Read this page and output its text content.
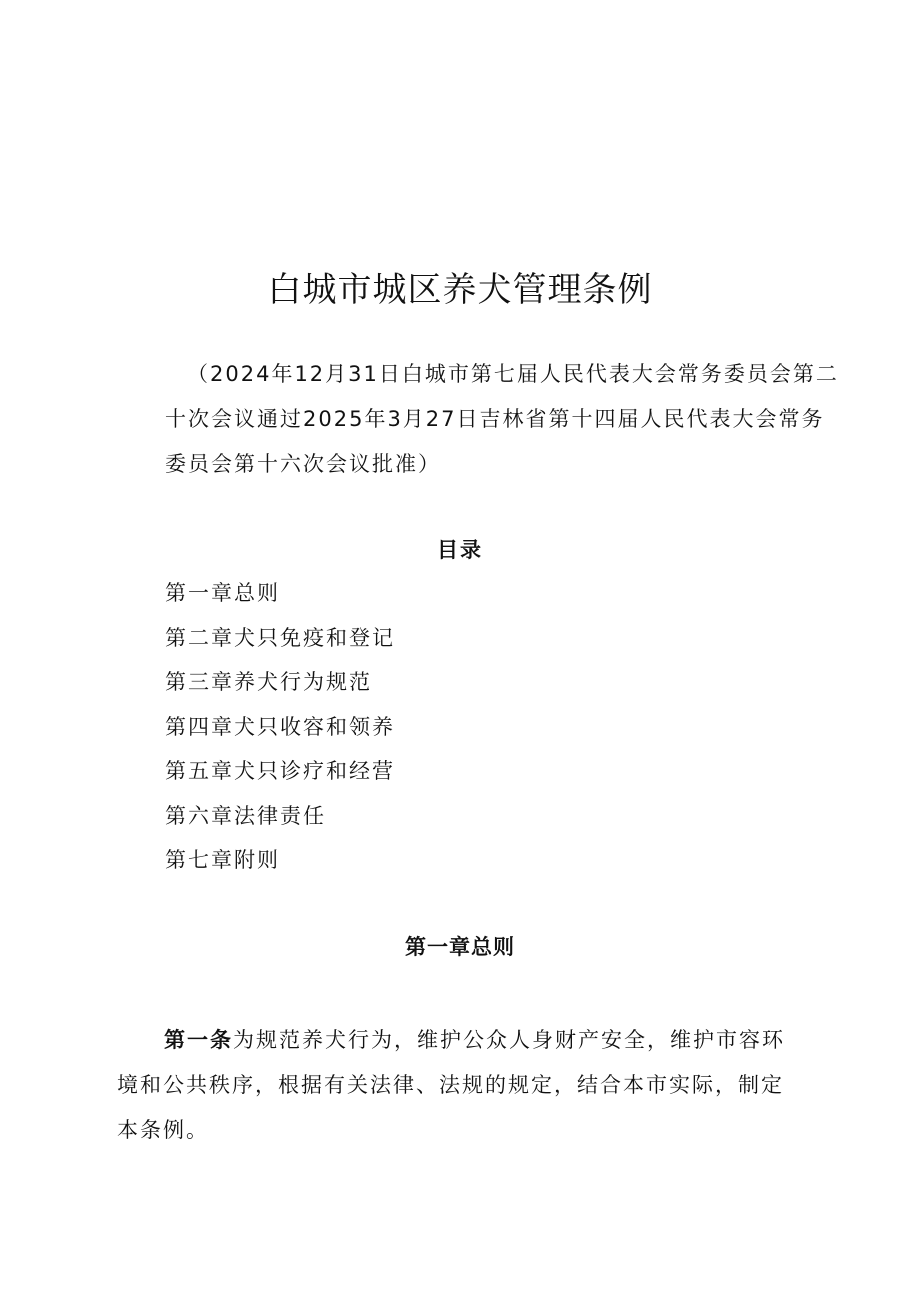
白城市城区养犬管理条例

（2024年12月31日白城市第七届人民代表大会常务委员会第二
十次会议通过2025年3月27日吉林省第十四届人民代表大会常务
委员会第十六次会议批准）

目录
第一章总则
第二章犬只免疫和登记
第三章养犬行为规范
第四章犬只收容和领养
第五章犬只诊疗和经营
第六章法律责任
第七章附则
第一章总则

第一条为规范养犬行为，维护公众人身财产安全，维护市容环
境和公共秩序，根据有关法律、法规的规定，结合本市实际，制定
本条例。
